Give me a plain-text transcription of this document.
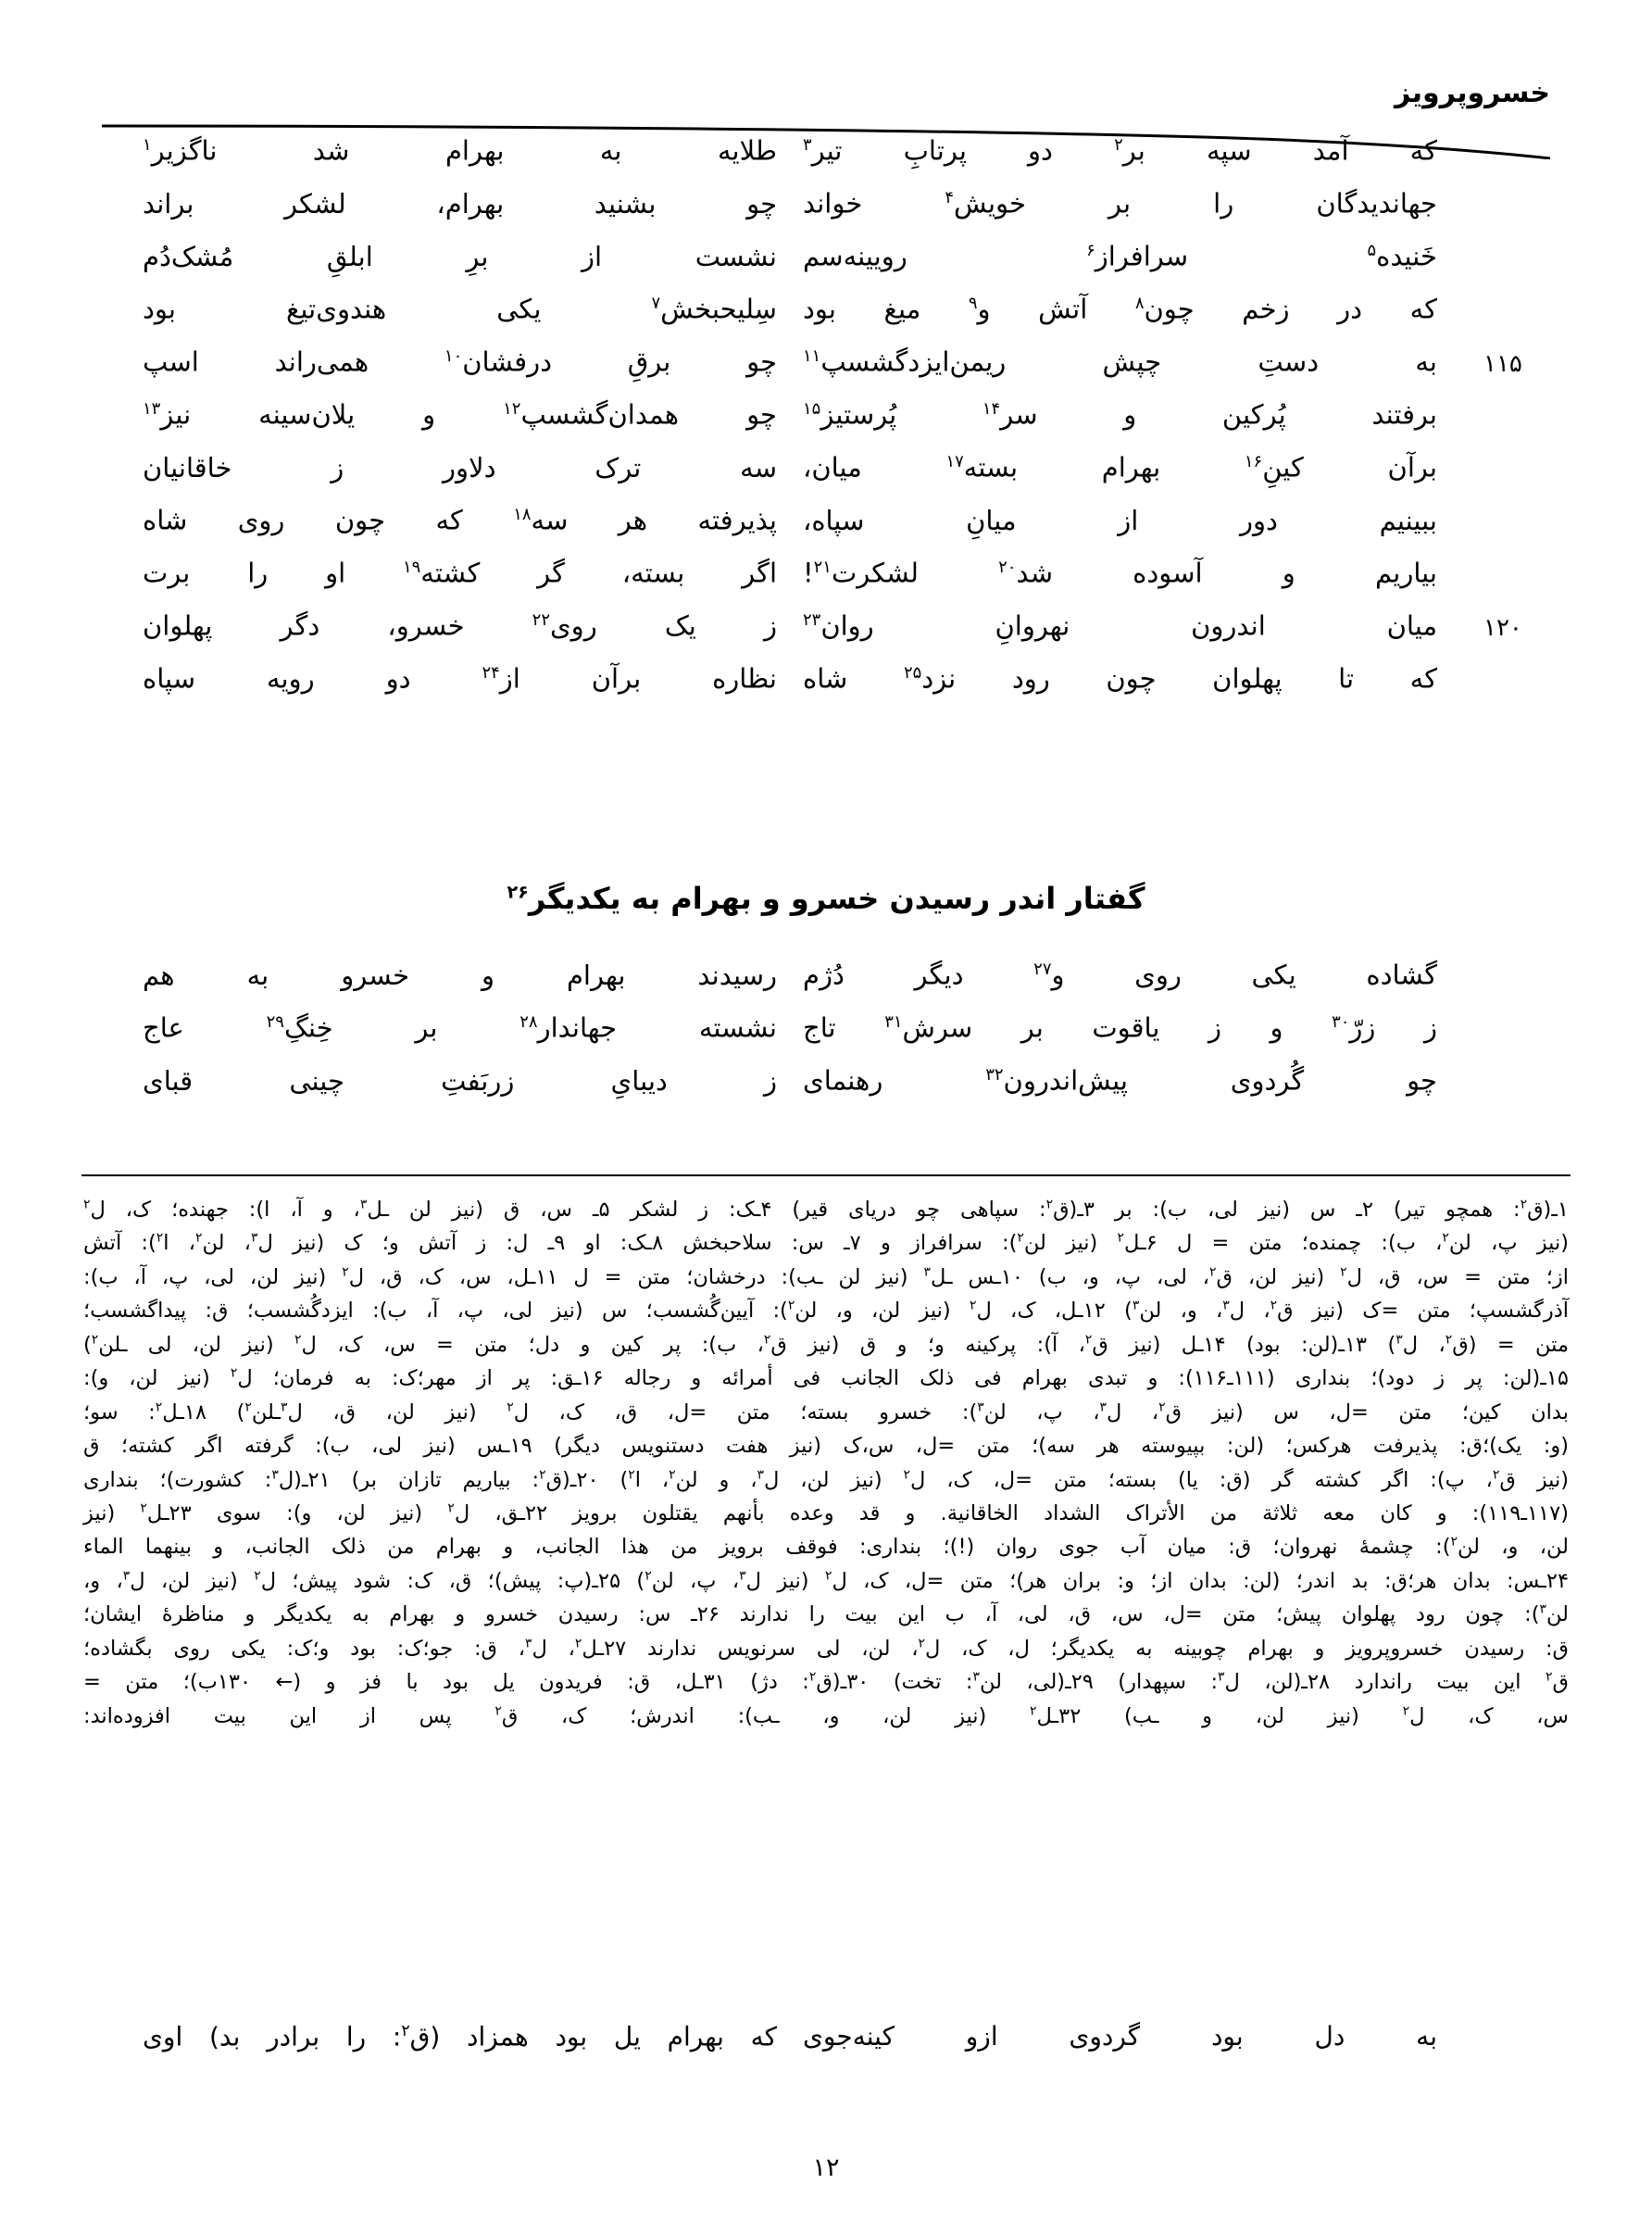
خسروپرویز
که آمد سپه بر‏$^۲$ دو پرتابِ تیر‏$^۳$
طلایه به بهرام شد ناگزیر‏$^۱$
جهاندیدگان را بر خویش‏$^۴$ خواند
چو بشنید بهرام، لشکر براند
خَنیده‏$^۵$ سرافراز‏$^۶$ رویینه‌سم
نشست از برِ ابلقِ مُشک‌دُم
که در زخم چون‏$^۸$ آتش و‏$^۹$ میغ بود
سِلیحبخش‏$^۷$ یکی هندوی‌تیغ بود
۱۱۵
به دستِ چپش ریمن‌ایزدگشسپ‏$^{۱۱}$
چو برقِ درفشان‏$^{۱۰}$ همی‌راند اسپ
برفتند پُرکین و سر‏$^{۱۴}$ پُرستیز‏$^{۱۵}$
چو همدان‌گشسپ‏$^{۱۲}$ و یلان‌سینه نیز‏$^{۱۳}$
برآن کینِ‏$^{۱۶}$ بهرام بسته‏$^{۱۷}$ میان،
سه ترک دلاور ز خاقانیان
ببینیم دور از میانِ سپاه،
پذیرفته هر سه‏$^{۱۸}$ که چون روی شاه
بیاریم و آسوده شد‏$^{۲۰}$ لشکرت‏$^{۲۱}$!
اگر بسته، گر کشته‏$^{۱۹}$ او را برت
۱۲۰
میان اندرون نهروانِ روان‏$^{۲۳}$
ز یک روی‏$^{۲۲}$ خسرو، دگر پهلوان
که تا پهلوان چون رود نزد‏$^{۲۵}$ شاه
نظاره برآن از‏$^{۲۴}$ دو رویه سپاه
گفتار اندر رسیدن خسرو و بهرام به یکدیگر$^{۲۶}$
گشاده یکی روی و‏$^{۲۷}$ دیگر دُژم
رسیدند بهرام و خسرو به هم
ز زرّ‏$^{۳۰}$ و ز یاقوت بر سرش‏$^{۳۱}$ تاج
نشسته جهاندار‏$^{۲۸}$ بر خِنگِ‏$^{۲۹}$ عاج
چو گُردوی پیش‌اندرون‏$^{۳۲}$ رهنمای
ز دیبایِ زربَفتِ چینی قبای
۱ـ(ق$^۲$: همچو تیر) ۲ـ س (نیز لی، ب): بر ۳ـ(ق$^۲$: سپاهی چو دریای قیر) ۴ـک: ز لشکر ۵ـ س، ق (نیز لن ـل$^۳$، و آ، ا): جهنده؛ ک، ل$^۲$
(نیز پ، لن$^۲$، ب): چمنده؛ متن = ل ۶ـل$^۲$ (نیز لن$^۲$): سرافراز و ۷ـ س: سلاحبخش ۸ـک: او ۹ـ ل: ز آتش و؛ ک (نیز ل$^۳$، لن$^۲$، ا$^۲$): آتش
از؛ متن = س، ق، ل$^۲$ (نیز لن، ق$^۲$، لی، پ، و، ب) ۱۰ـس ـل$^۳$ (نیز لن ـب): درخشان؛ متن = ل ۱۱ـل، س، ک، ق، ل$^۲$ (نیز لن، لی، پ، آ، ب):
آذرگشسپ؛ متن =ک (نیز ق$^۲$، ل$^۳$، و، لن$^۳$) ۱۲ـل، ک، ل$^۲$ (نیز لن، و، لن$^۲$): آیین‌گُشسب؛ س (نیز لی، پ، آ، ب): ایزدگُشسب؛ ق: پیداگشسب؛
متن = (ق$^۲$، ل$^۳$) ۱۳ـ(لن: بود) ۱۴ـل (نیز ق$^۲$، آ): پرکینه و؛ و ق (نیز ق$^۲$، ب): پر کین و دل؛ متن = س، ک، ل$^۲$ (نیز لن، لی ـلن$^۲$)
۱۵ـ(لن: پر ز دود)؛ بنداری (۱۱۱ـ۱۱۶): و تبدی بهرام فی ذلک الجانب فی أمرائه و رجاله ۱۶ـق: پر از مهر؛ک: به فرمان؛ ل$^۲$ (نیز لن، و):
بدان کین؛ متن =ل، س (نیز ق$^۲$، ل$^۳$، پ، لن$^۳$): خسرو بسته؛ متن =ل، ق، ک، ل$^۲$ (نیز لن، ق، ل$^۳$ـلن$^۲$) ۱۸ـل$^۲$: سو؛
(و: یک)؛ق: پذیرفت هرکس؛ (لن: بپیوسته هر سه)؛ متن =ل، س،ک (نیز هفت دستنویس دیگر) ۱۹ـس (نیز لی، ب): گرفته اگر کشته؛ ق
(نیز ق$^۲$، پ): اگر کشته گر (ق: یا) بسته؛ متن =ل، ک، ل$^۲$ (نیز لن، ل$^۳$، و لن$^۲$، ا$^۲$) ۲۰ـ(ق$^۲$: بیاریم تازان بر) ۲۱ـ(ل$^۳$: کشورت)؛ بنداری
(۱۱۷ـ۱۱۹): و کان معه ثلاثة من الأتراک الشداد الخاقانیة. و قد وعده بأنهم یقتلون برویز ۲۲ـق، ل$^۲$ (نیز لن، و): سوی ۲۳ـل$^۲$ (نیز
لن، و، لن$^۲$): چشمهٔ نهروان؛ ق: میان آب جوی روان (!)؛ بنداری: فوقف برویز من هذا الجانب، و بهرام من ذلک الجانب، و بینهما الماء
۲۴ـس: بدان هر؛ق: بد اندر؛ (لن: بدان از؛ و: بران هر)؛ متن =ل، ک، ل$^۲$ (نیز ل$^۳$، پ، لن$^۲$) ۲۵ـ(پ: پیش)؛ ق، ک: شود پیش؛ ل$^۲$ (نیز لن، ل$^۳$، و،
لن$^۳$): چون رود پهلوان پیش؛ متن =ل، س، ق، لی، آ، ب این بیت را ندارند ۲۶ـ س: رسیدن خسرو و بهرام به یکدیگر و مناظرهٔ ایشان؛
ق: رسیدن خسروپرویز و بهرام چوبینه به یکدیگر؛ ل، ک، ل$^۲$، لن، لی سرنویس ندارند ۲۷ـل$^۲$، ل$^۳$، ق: جو؛ک: بود و؛ک: یکی روی بگشاده؛
ق$^۲$ این بیت راندارد ۲۸ـ(لن، ل$^۳$: سپهدار) ۲۹ـ(لی، لن$^۳$: تخت) ۳۰ـ(ق$^۲$: دژ) ۳۱ـل، ق: فریدون یل بود با فز و (← ۱۳۰ب)؛ متن =
س، ک، ل$^۲$ (نیز لن، و ـب) ۳۲ـل$^۲$ (نیز لن، و، ـب): اندرش؛ ک، ق$^۲$ پس از این بیت افزوده‌اند:
به دل بود گردوی ازو کینه‌جوی
که بهرام یل بود همزاد (ق$^۲$: را برادر بد) اوی
۱۲
